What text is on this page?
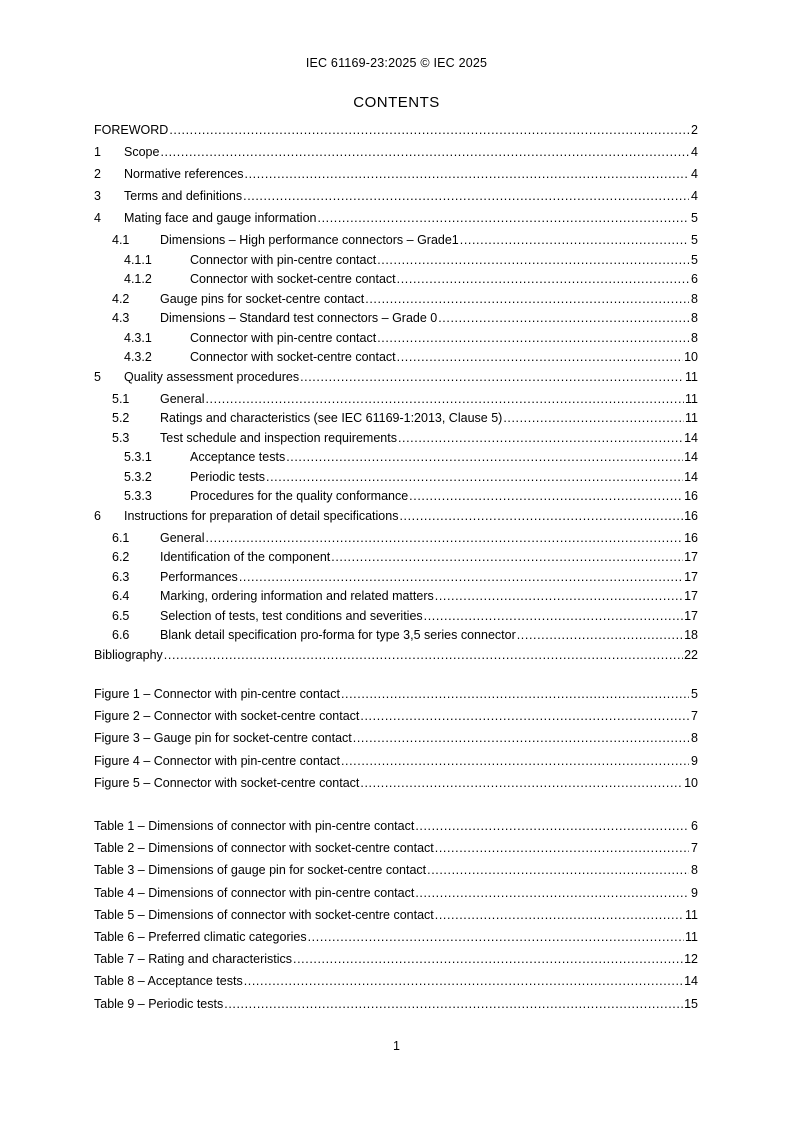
IEC 61169-23:2025 © IEC 2025
CONTENTS
FOREWORD .....	2
1	Scope .....	4
2	Normative references .....	4
3	Terms and definitions .....	4
4	Mating face and gauge information .....	5
4.1	Dimensions – High performance connectors – Grade1 .....	5
4.1.1	Connector with pin-centre contact .....	5
4.1.2	Connector with socket-centre contact .....	6
4.2	Gauge pins for socket-centre contact .....	8
4.3	Dimensions – Standard test connectors – Grade 0 .....	8
4.3.1	Connector with pin-centre contact .....	8
4.3.2	Connector with socket-centre contact .....	10
5	Quality assessment procedures .....	11
5.1	General .....	11
5.2	Ratings and characteristics (see IEC 61169-1:2013, Clause 5) .....	11
5.3	Test schedule and inspection requirements .....	14
5.3.1	Acceptance tests .....	14
5.3.2	Periodic tests .....	14
5.3.3	Procedures for the quality conformance .....	16
6	Instructions for preparation of detail specifications .....	16
6.1	General .....	16
6.2	Identification of the component .....	17
6.3	Performances .....	17
6.4	Marking, ordering information and related matters .....	17
6.5	Selection of tests, test conditions and severities .....	17
6.6	Blank detail specification pro-forma for type 3,5 series connector .....	18
Bibliography .....	22
Figure 1 – Connector with pin-centre contact .....	5
Figure 2 – Connector with socket-centre contact .....	7
Figure 3 – Gauge pin for socket-centre contact .....	8
Figure 4 – Connector with pin-centre contact .....	9
Figure 5 – Connector with socket-centre contact .....	10
Table 1 – Dimensions of connector with pin-centre contact .....	6
Table 2 – Dimensions of connector with socket-centre contact .....	7
Table 3 – Dimensions of gauge pin for socket-centre contact .....	8
Table 4 – Dimensions of connector with pin-centre contact .....	9
Table 5 – Dimensions of connector with socket-centre contact .....	11
Table 6 – Preferred climatic categories .....	11
Table 7 – Rating and characteristics .....	12
Table 8 – Acceptance tests .....	14
Table 9 – Periodic tests .....	15
1
